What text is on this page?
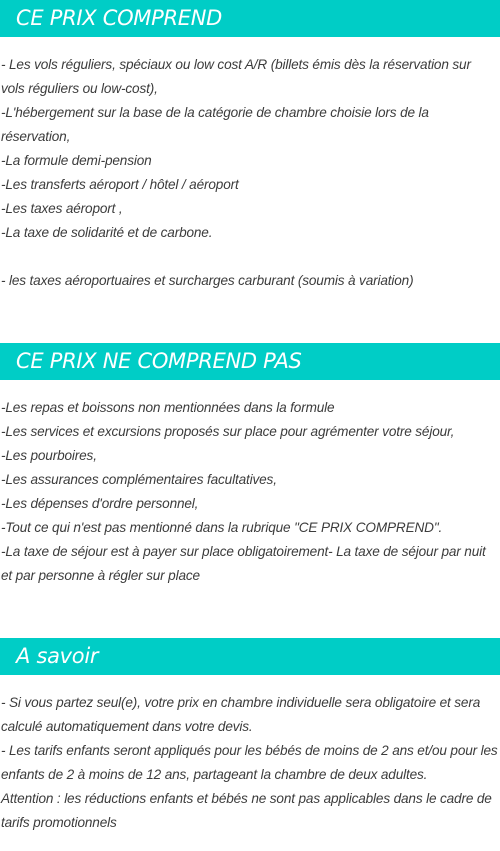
CE PRIX COMPREND
- Les vols réguliers, spéciaux ou low cost A/R (billets émis dès la réservation sur vols réguliers ou low-cost),
-L'hébergement sur la base de la catégorie de chambre choisie lors de la réservation,
-La formule demi-pension
-Les transferts aéroport / hôtel / aéroport
-Les taxes aéroport ,
-La taxe de solidarité et de carbone.
- les taxes aéroportuaires et surcharges carburant (soumis à variation)
CE PRIX NE COMPREND PAS
-Les repas et boissons non mentionnées dans la formule
-Les services et excursions proposés sur place pour agrémenter votre séjour,
-Les pourboires,
-Les assurances complémentaires facultatives,
-Les dépenses d'ordre personnel,
-Tout ce qui n'est pas mentionné dans la rubrique "CE PRIX COMPREND".
-La taxe de séjour est à payer sur place obligatoirement- La taxe de séjour par nuit et par personne à régler sur place
A savoir
- Si vous partez seul(e), votre prix en chambre individuelle sera obligatoire et sera calculé automatiquement dans votre devis.
- Les tarifs enfants seront appliqués pour les bébés de moins de 2 ans et/ou pour les enfants de 2 à moins de 12 ans, partageant la chambre de deux adultes.
Attention : les réductions enfants et bébés ne sont pas applicables dans le cadre de tarifs promotionnels
